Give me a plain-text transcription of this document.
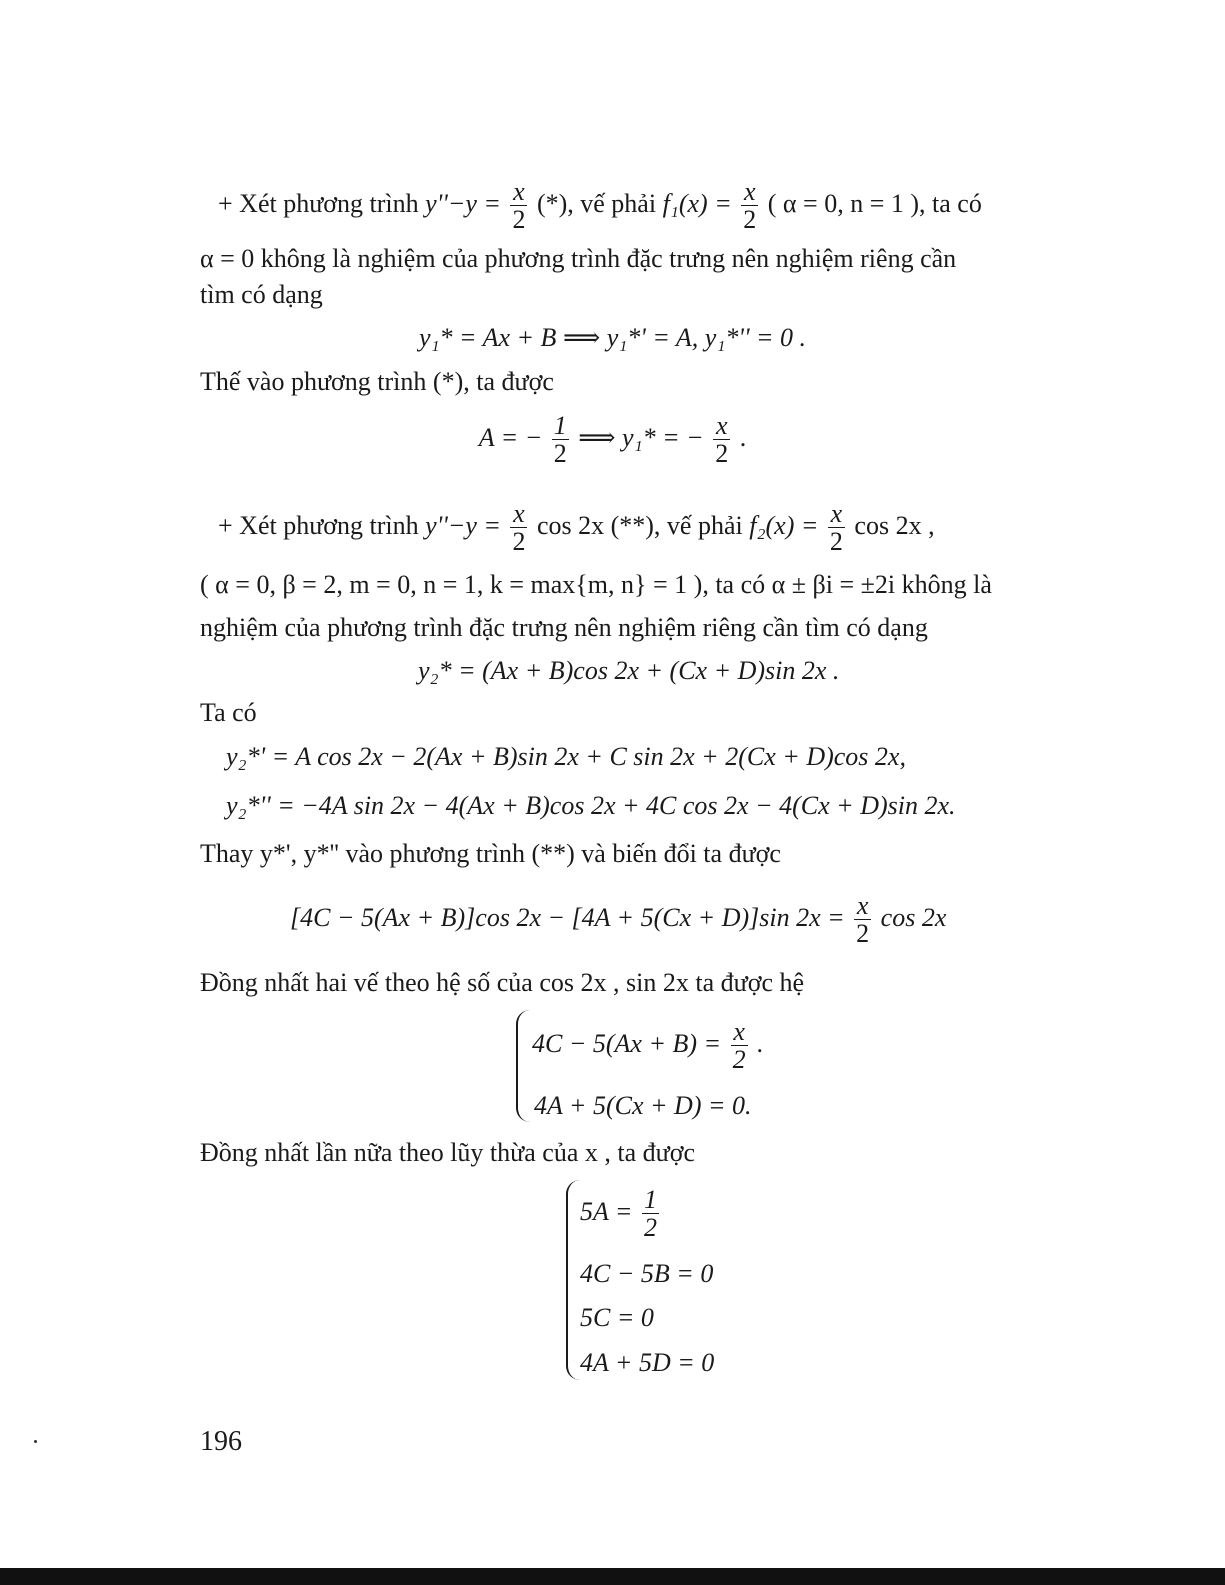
+ Xét phương trình $y''-y = \frac{x}{2}$ (*), vế phải $f_1(x) = \frac{x}{2}$ ( α = 0, n = 1 ), ta có
α = 0 không là nghiệm của phương trình đặc trưng nên nghiệm riêng cần
tìm có dạng
y₁* = Ax + B ⟹ y₁*' = A, y₁*'' = 0 .
Thế vào phương trình (*), ta được
A = − $\frac{1}{2}$ ⟹ y₁* = − $\frac{x}{2}$ .
+ Xét phương trình $y''-y = \frac{x}{2}$ cos 2x (**), vế phải $f_2(x) = \frac{x}{2}$ cos 2x ,
( α = 0, β = 2, m = 0, n = 1, k = max{m, n} = 1 ), ta có α ± βi = ±2i không là
nghiệm của phương trình đặc trưng nên nghiệm riêng cần tìm có dạng
y₂* = (Ax + B)cos 2x + (Cx + D)sin 2x .
Ta có
y₂*' = A cos 2x − 2(Ax + B)sin 2x + C sin 2x + 2(Cx + D)cos 2x,
y₂*'' = −4A sin 2x − 4(Ax + B)cos 2x + 4C cos 2x − 4(Cx + D)sin 2x.
Thay y*', y*'' vào phương trình (**) và biến đổi ta được
[4C − 5(Ax + B)]cos 2x − [4A + 5(Cx + D)]sin $2x = \frac{x}{2}$ cos 2x
Đồng nhất hai vế theo hệ số của cos 2x , sin 2x ta được hệ
$4C - 5(Ax + B) = \frac{x}{2}$ .
4A + 5(Cx + D) = 0.
Đồng nhất lần nữa theo lũy thừa của x , ta được
$5A = \frac{1}{2}$
4C − 5B = 0
5C = 0
4A + 5D = 0
196
